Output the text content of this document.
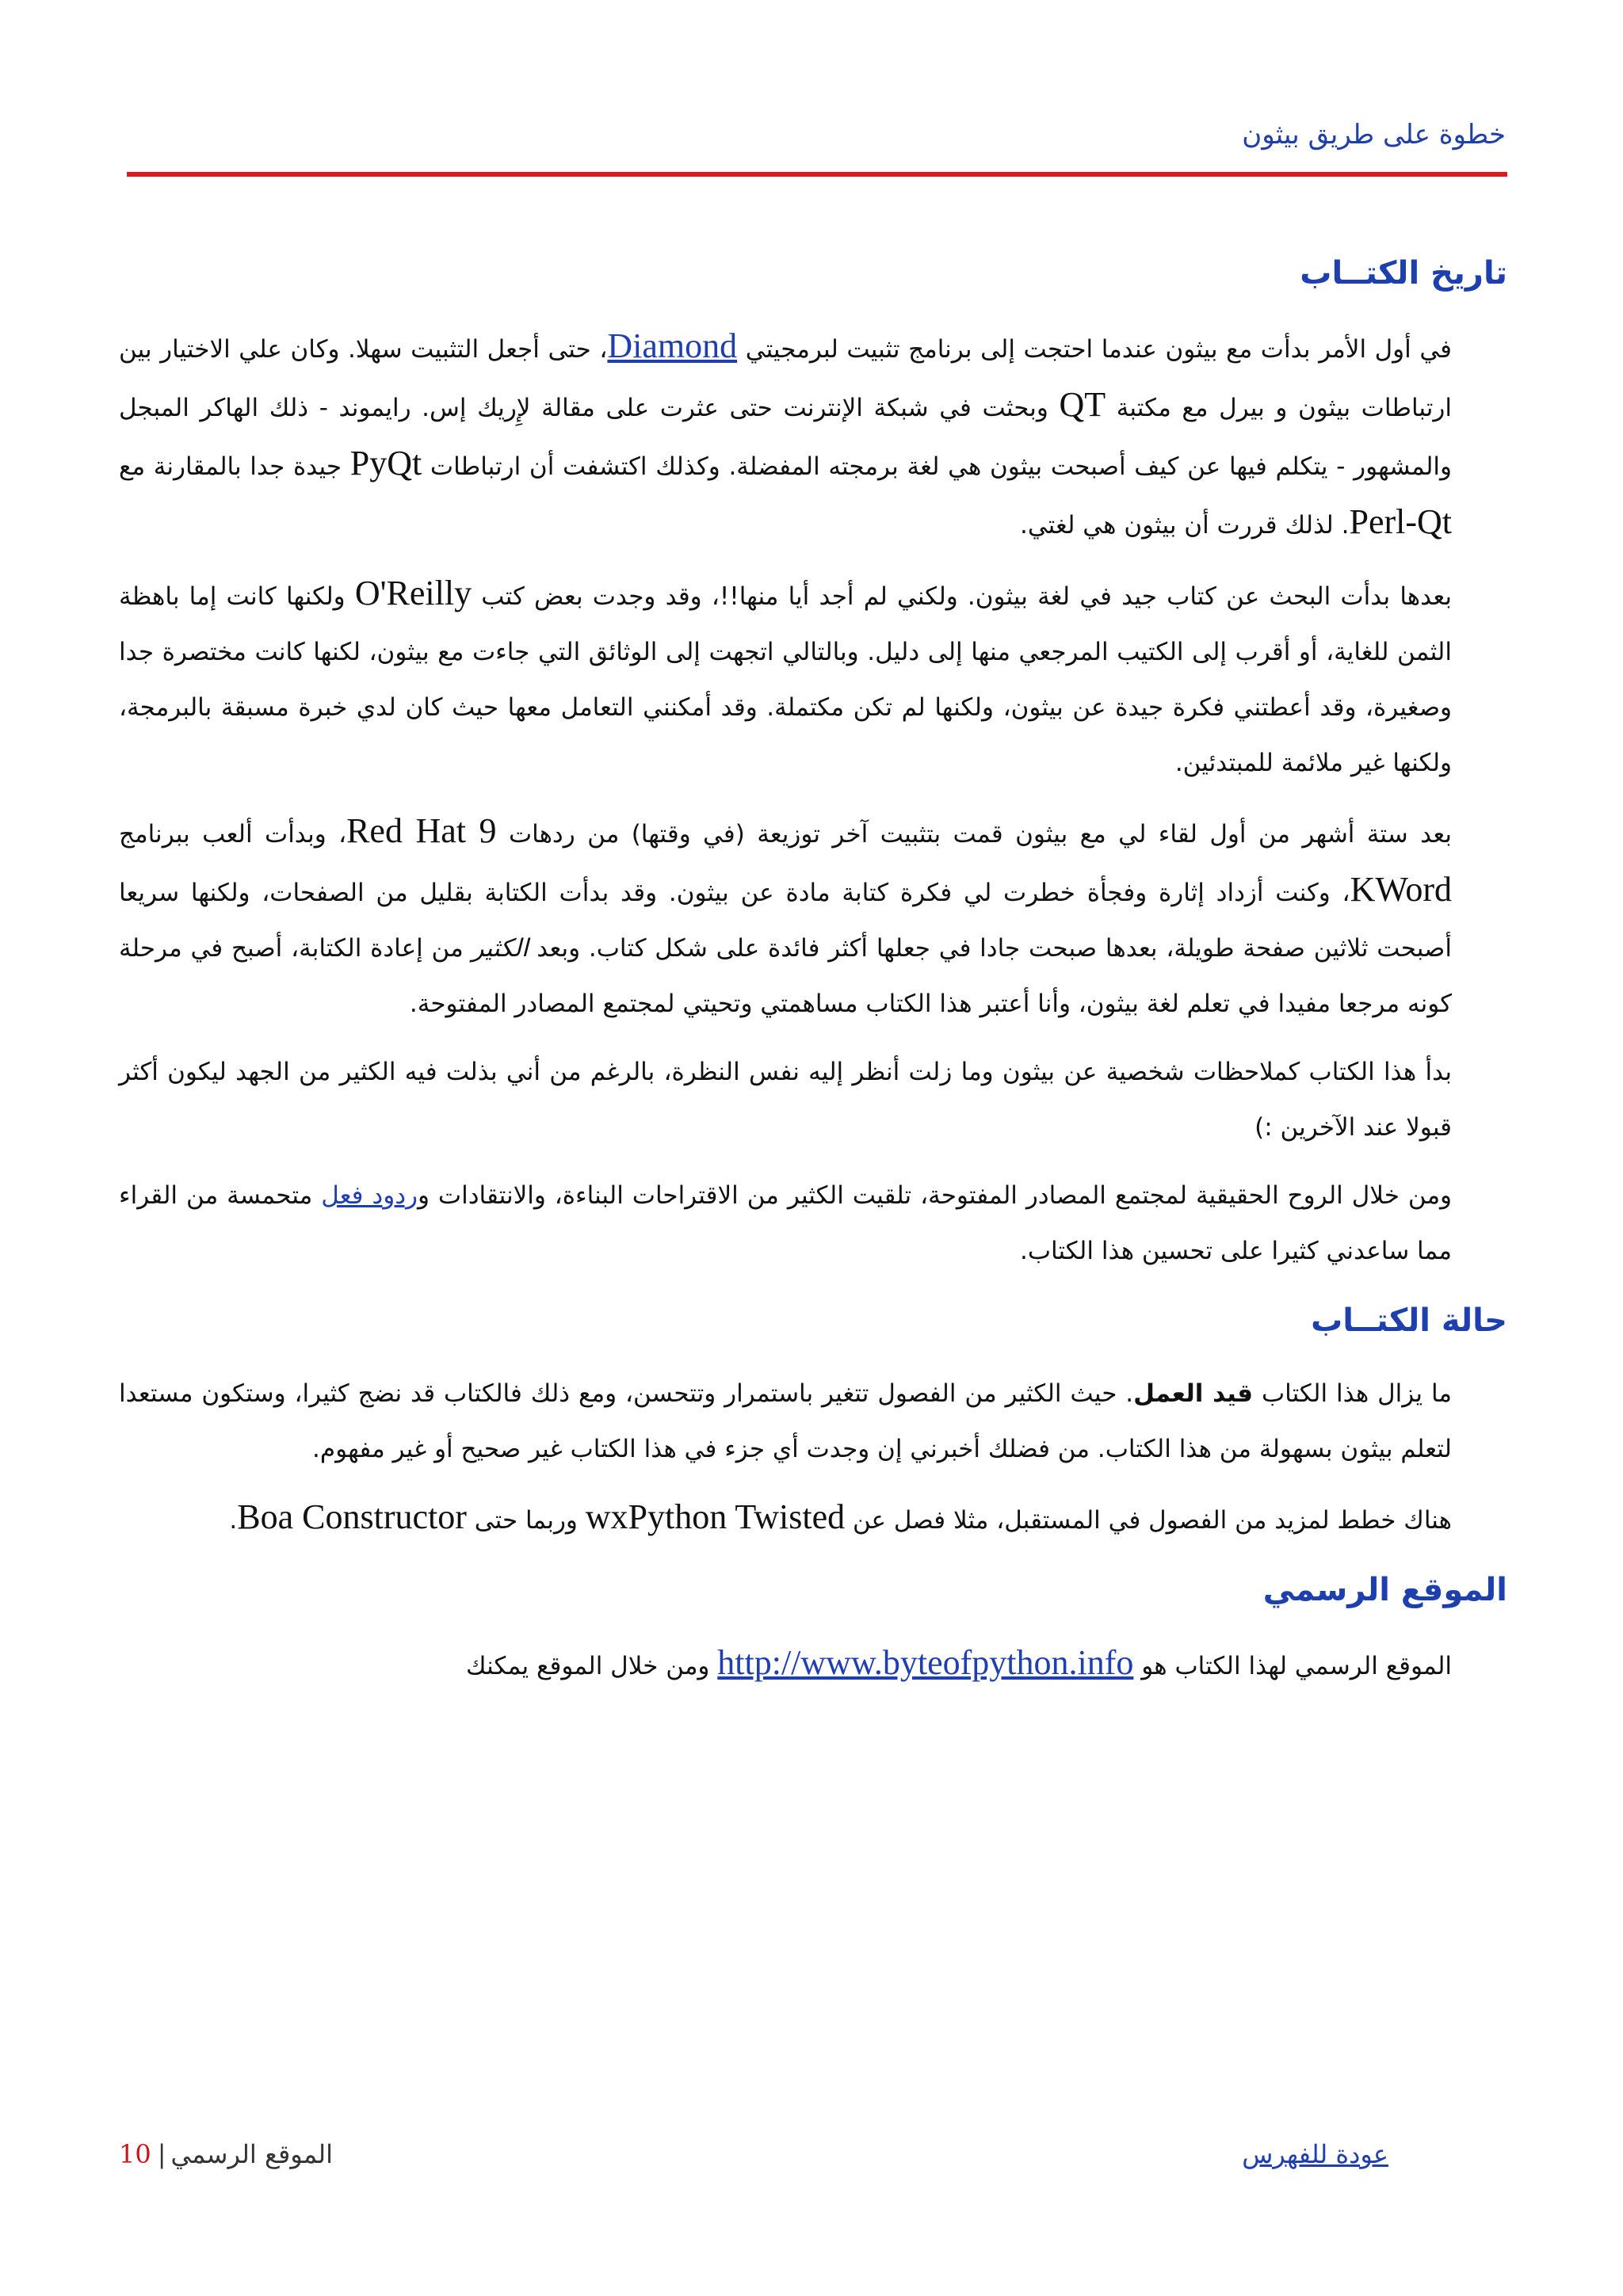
خطوة على طريق بيثون
تاريخ الكتــاب

في أول الأمر بدأت مع بيثون عندما احتجت إلى برنامج تثبيت لبرمجيتي Diamond، حتى أجعل التثبيت سهلا. وكان علي الاختيار بين ارتباطات بيثون و بيرل مع مكتبة QT وبحثت في شبكة الإنترنت حتى عثرت على مقالة لإِريك إس. رايموند - ذلك الهاكر المبجل والمشهور - يتكلم فيها عن كيف أصبحت بيثون هي لغة برمجته المفضلة. وكذلك اكتشفت أن ارتباطات PyQt جيدة جدا بالمقارنة مع Perl-Qt. لذلك قررت أن بيثون هي لغتي.

بعدها بدأت البحث عن كتاب جيد في لغة بيثون. ولكني لم أجد أيا منها!!، وقد وجدت بعض كتب O'Reilly ولكنها كانت إما باهظة الثمن للغاية، أو أقرب إلى الكتيب المرجعي منها إلى دليل. وبالتالي اتجهت إلى الوثائق التي جاءت مع بيثون، لكنها كانت مختصرة جدا وصغيرة، وقد أعطتني فكرة جيدة عن بيثون، ولكنها لم تكن مكتملة. وقد أمكنني التعامل معها حيث كان لدي خبرة مسبقة بالبرمجة، ولكنها غير ملائمة للمبتدئين.

بعد ستة أشهر من أول لقاء لي مع بيثون قمت بتثبيت آخر توزيعة (في وقتها) من ردهات Red Hat 9، وبدأت ألعب ببرنامج KWord، وكنت أزداد إثارة وفجأة خطرت لي فكرة كتابة مادة عن بيثون. وقد بدأت الكتابة بقليل من الصفحات، ولكنها سريعا أصبحت ثلاثين صفحة طويلة، بعدها صبحت جادا في جعلها أكثر فائدة على شكل كتاب. وبعد الكثير من إعادة الكتابة، أصبح في مرحلة كونه مرجعا مفيدا في تعلم لغة بيثون، وأنا أعتبر هذا الكتاب مساهمتي وتحيتي لمجتمع المصادر المفتوحة.

بدأ هذا الكتاب كملاحظات شخصية عن بيثون وما زلت أنظر إليه نفس النظرة، بالرغم من أني بذلت فيه الكثير من الجهد ليكون أكثر قبولا عند الآخرين :)

ومن خلال الروح الحقيقية لمجتمع المصادر المفتوحة، تلقيت الكثير من الاقتراحات البناءة، والانتقادات وردود فعل متحمسة من القراء مما ساعدني كثيرا على تحسين هذا الكتاب.

حالة الكتــاب

ما يزال هذا الكتاب قيد العمل. حيث الكثير من الفصول تتغير باستمرار وتتحسن، ومع ذلك فالكتاب قد نضج كثيرا، وستكون مستعدا لتعلم بيثون بسهولة من هذا الكتاب. من فضلك أخبرني إن وجدت أي جزء في هذا الكتاب غير صحيح أو غير مفهوم.

هناك خطط لمزيد من الفصول في المستقبل، مثلا فصل عن wxPython Twisted وربما حتى Boa Constructor.

الموقع الرسمي

الموقع الرسمي لهذا الكتاب هو http://www.byteofpython.info ومن خلال الموقع يمكنك

عودة للفهرس
10 | الموقع الرسمي
